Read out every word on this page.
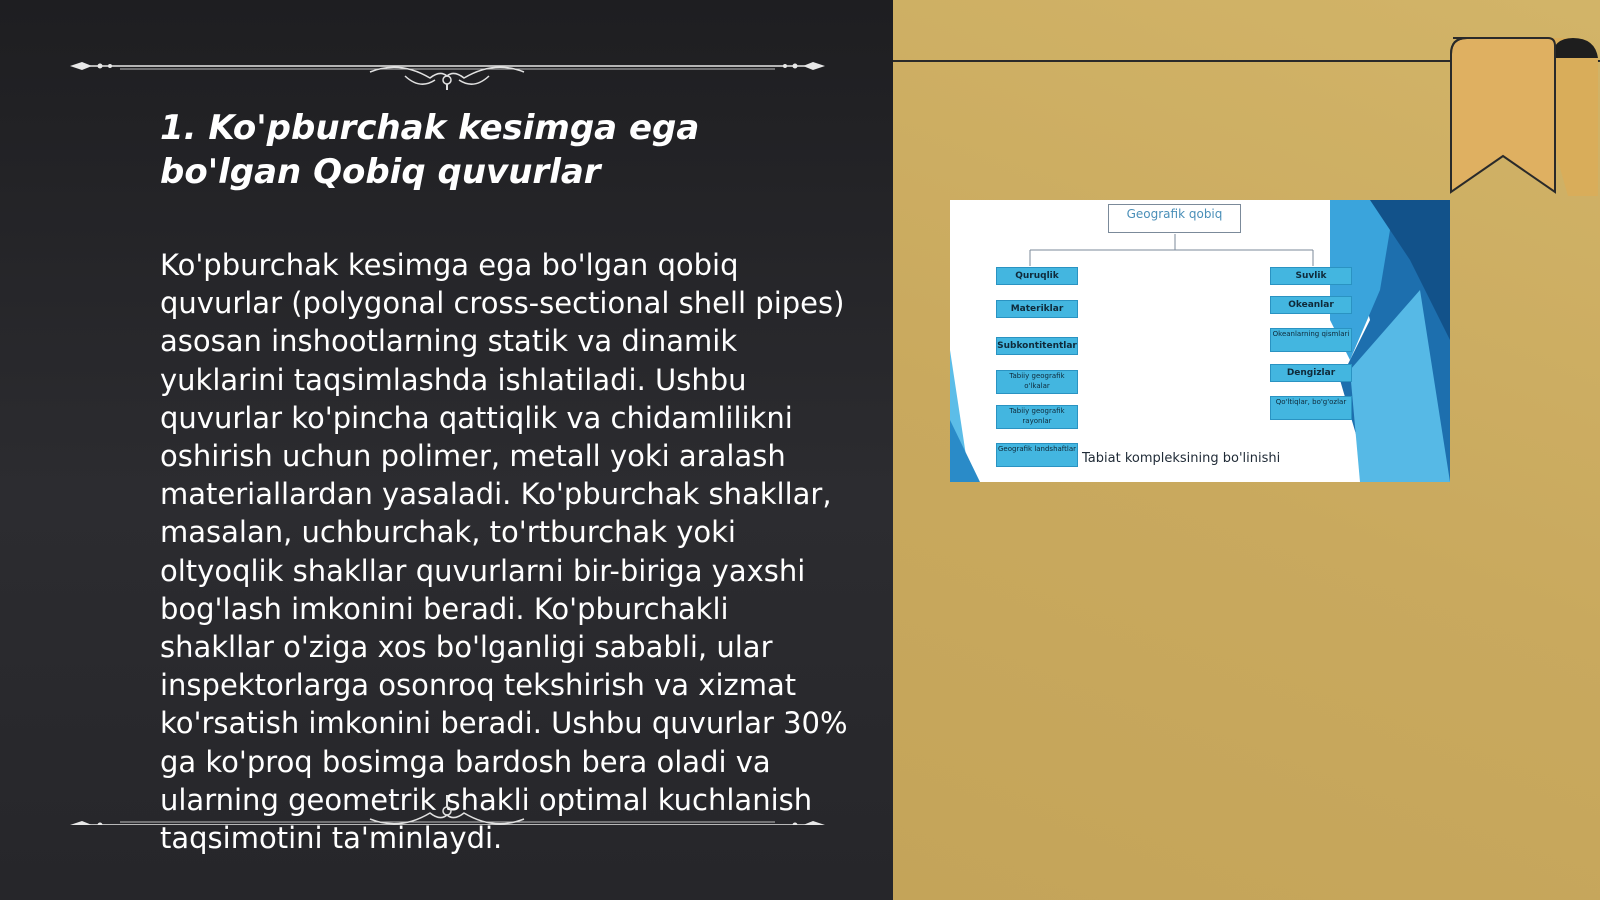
1. Ko'pburchak kesimga ega bo'lgan Qobiq quvurlar
Ko'pburchak kesimga ega bo'lgan qobiq quvurlar (polygonal cross-sectional shell pipes) asosan inshootlarning statik va dinamik yuklarini taqsimlashda ishlatiladi. Ushbu quvurlar ko'pincha qattiqlik va chidamlilikni oshirish uchun polimer, metall yoki aralash materiallardan yasaladi. Ko'pburchak shakllar, masalan, uchburchak, to'rtburchak yoki oltyoqlik shakllar quvurlarni bir-biriga yaxshi bog'lash imkonini beradi. Ko'pburchakli shakllar o'ziga xos bo'lganligi sababli, ular inspektorlarga osonroq tekshirish va xizmat ko'rsatish imkonini beradi. Ushbu quvurlar 30% ga ko'proq bosimga bardosh bera oladi va ularning geometrik shakli optimal kuchlanish taqsimotini ta'minlaydi.
Geografik qobiq
Quruqlik
Materiklar
Subkontitentlar
Tabiiy geografik o'lkalar
Tabiiy geografik rayonlar
Geografik landshaftlar
Suvlik
Okeanlar
Okeanlarning qismlari
Dengizlar
Qo'ltiqlar, bo'g'ozlar
Tabiat kompleksining bo'linishi
